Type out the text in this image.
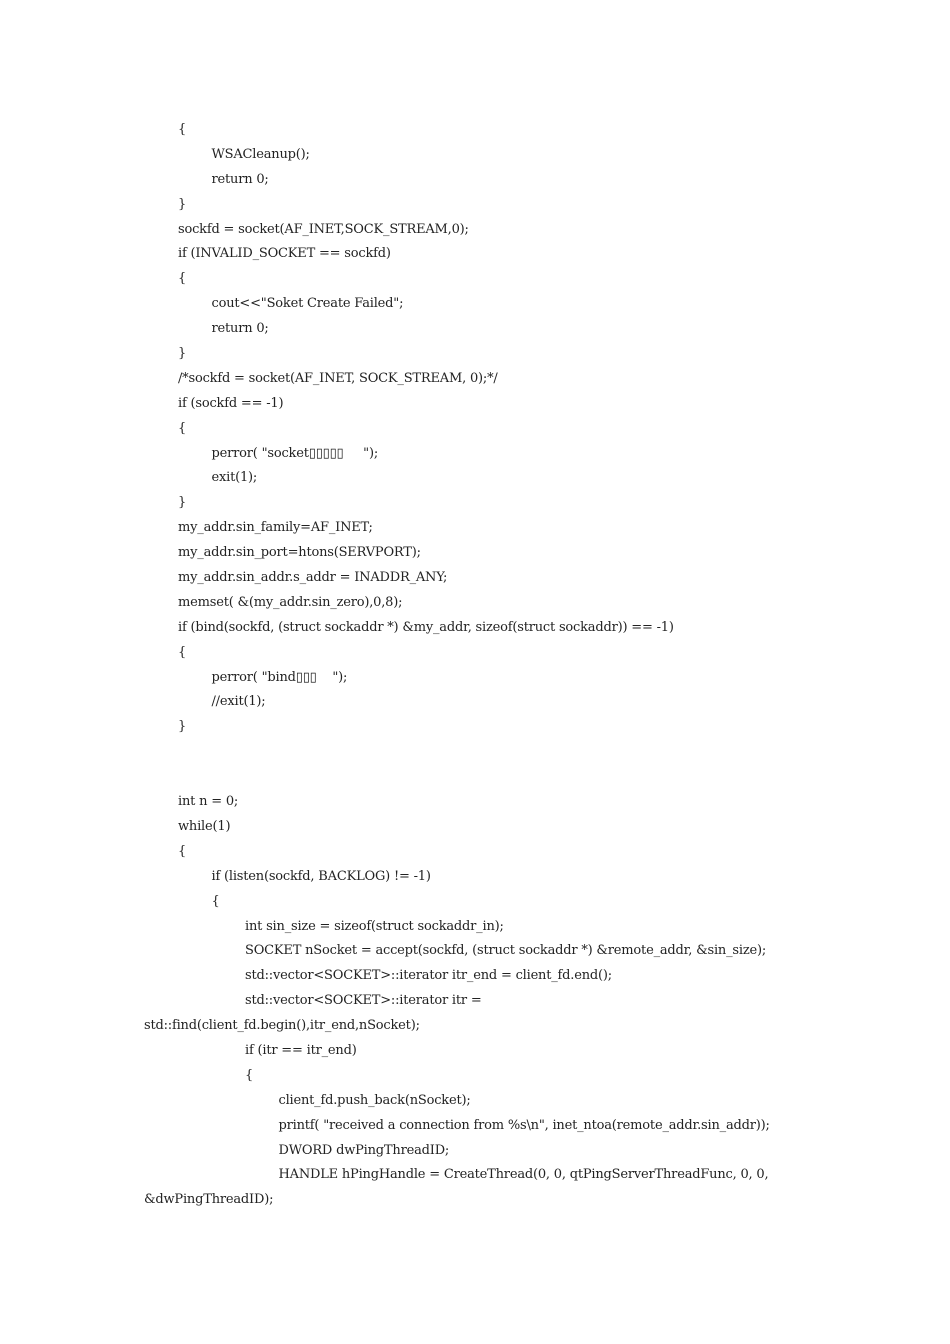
{
WSACleanup();
return 0;
}
sockfd = socket(AF_INET,SOCK_STREAM,0);
if (INVALID_SOCKET == sockfd)
{
cout<<"Soket Create Failed";
return 0;
}
/*sockfd = socket(AF_INET, SOCK_STREAM, 0);*/
if (sockfd == -1)
{
perror( "socket▯▯▯▯▯     ");
exit(1);
}
my_addr.sin_family=AF_INET;
my_addr.sin_port=htons(SERVPORT);
my_addr.sin_addr.s_addr = INADDR_ANY;
memset( &(my_addr.sin_zero),0,8);
if (bind(sockfd, (struct sockaddr *) &my_addr, sizeof(struct sockaddr)) == -1)
{
perror( "bind▯▯▯    ");
//exit(1);
}
int n = 0;
while(1)
{
if (listen(sockfd, BACKLOG) != -1)
{
int sin_size = sizeof(struct sockaddr_in);
SOCKET nSocket = accept(sockfd, (struct sockaddr *) &remote_addr, &sin_size);
std::vector<SOCKET>::iterator itr_end = client_fd.end();
std::vector<SOCKET>::iterator itr =
std::find(client_fd.begin(),itr_end,nSocket);
if (itr == itr_end)
{
client_fd.push_back(nSocket);
printf( "received a connection from %s\n", inet_ntoa(remote_addr.sin_addr));
DWORD dwPingThreadID;
HANDLE hPingHandle = CreateThread(0, 0, qtPingServerThreadFunc, 0, 0,
&dwPingThreadID);
